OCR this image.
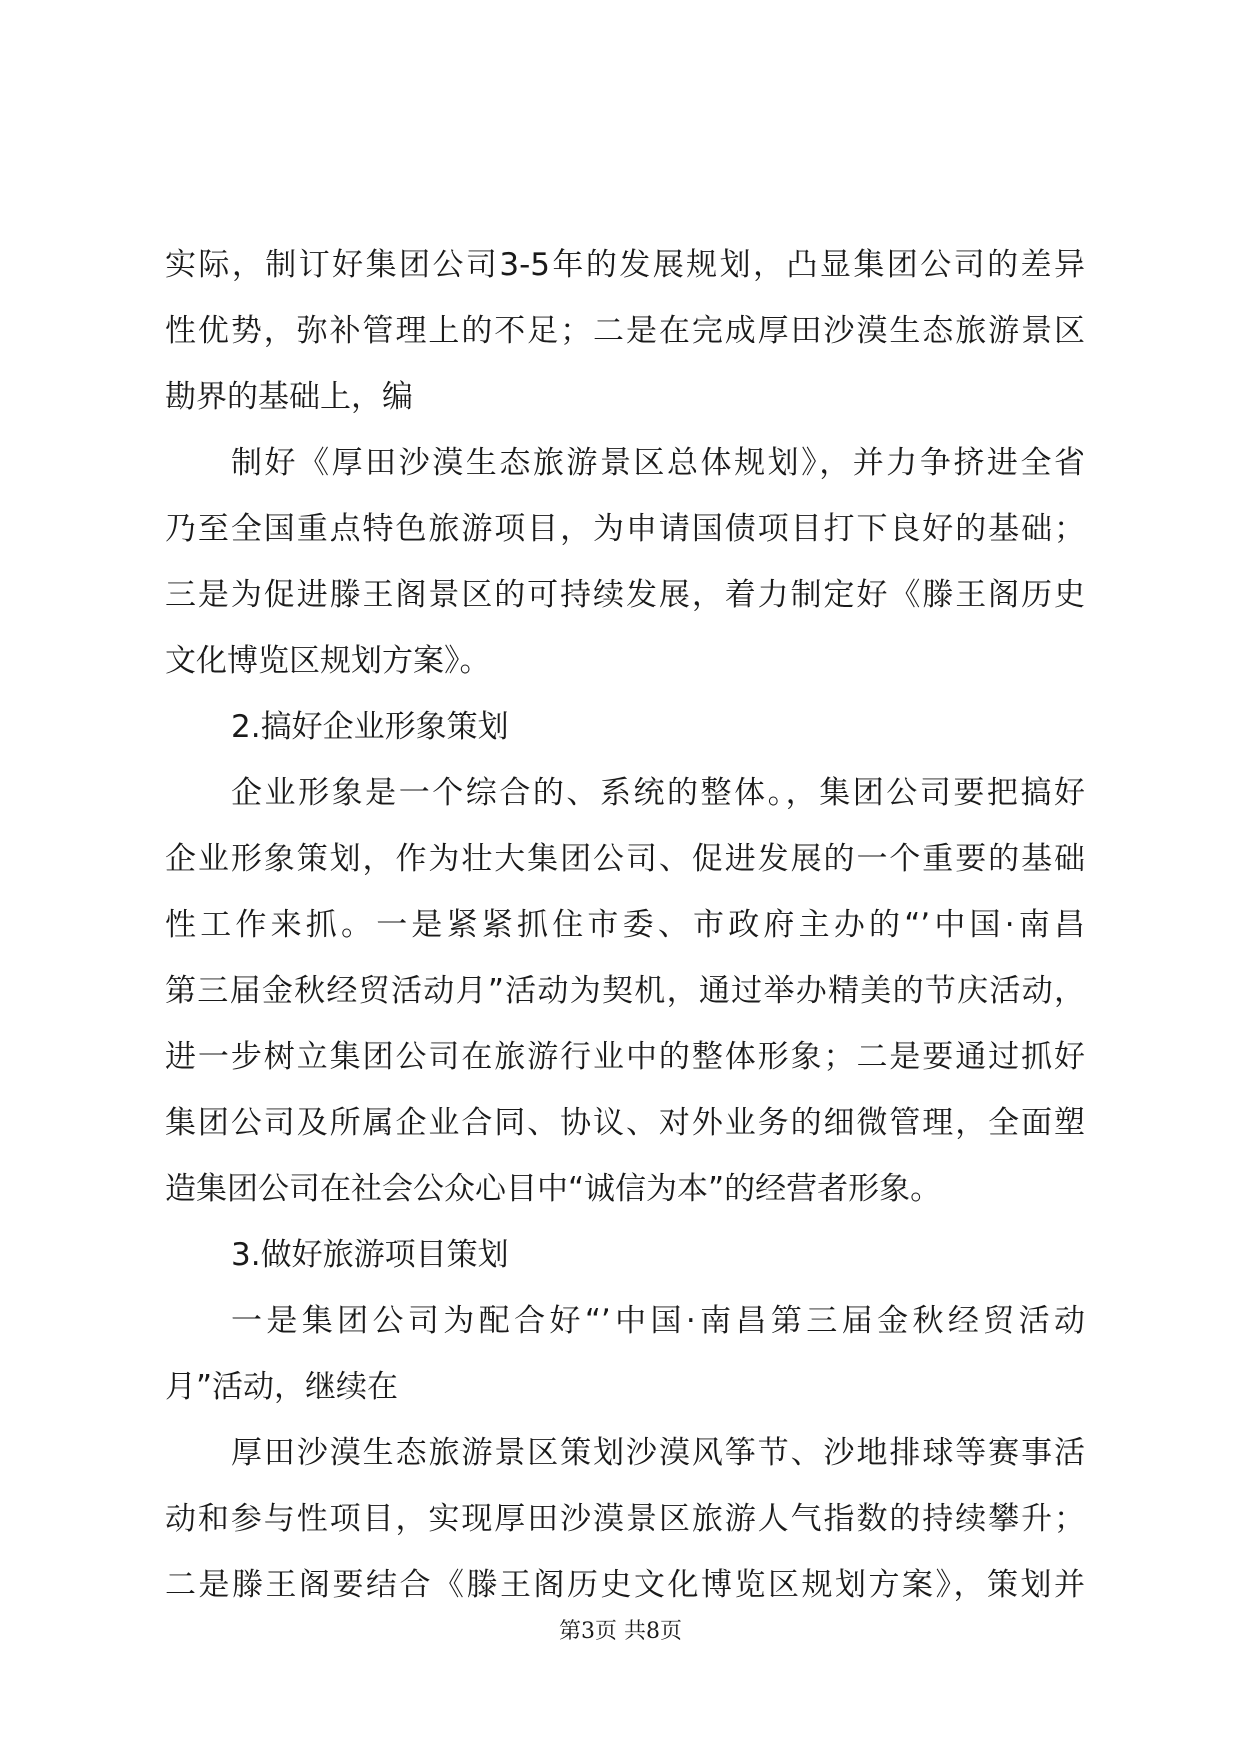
实际，制订好集团公司3-5年的发展规划，凸显集团公司的差异
性优势，弥补管理上的不足；二是在完成厚田沙漠生态旅游景区
勘界的基础上，编
制好《厚田沙漠生态旅游景区总体规划》，并力争挤进全省
乃至全国重点特色旅游项目，为申请国债项目打下良好的基础；
三是为促进滕王阁景区的可持续发展，着力制定好《滕王阁历史
文化博览区规划方案》。
2.搞好企业形象策划
企业形象是一个综合的、系统的整体。，集团公司要把搞好
企业形象策划，作为壮大集团公司、促进发展的一个重要的基础
性工作来抓。一是紧紧抓住市委、市政府主办的“’中国·南昌
第三届金秋经贸活动月”活动为契机，通过举办精美的节庆活动，
进一步树立集团公司在旅游行业中的整体形象；二是要通过抓好
集团公司及所属企业合同、协议、对外业务的细微管理，全面塑
造集团公司在社会公众心目中“诚信为本”的经营者形象。
3.做好旅游项目策划
一是集团公司为配合好“’中国·南昌第三届金秋经贸活动
月”活动，继续在
厚田沙漠生态旅游景区策划沙漠风筝节、沙地排球等赛事活
动和参与性项目，实现厚田沙漠景区旅游人气指数的持续攀升；
二是滕王阁要结合《滕王阁历史文化博览区规划方案》，策划并
第3页 共8页
